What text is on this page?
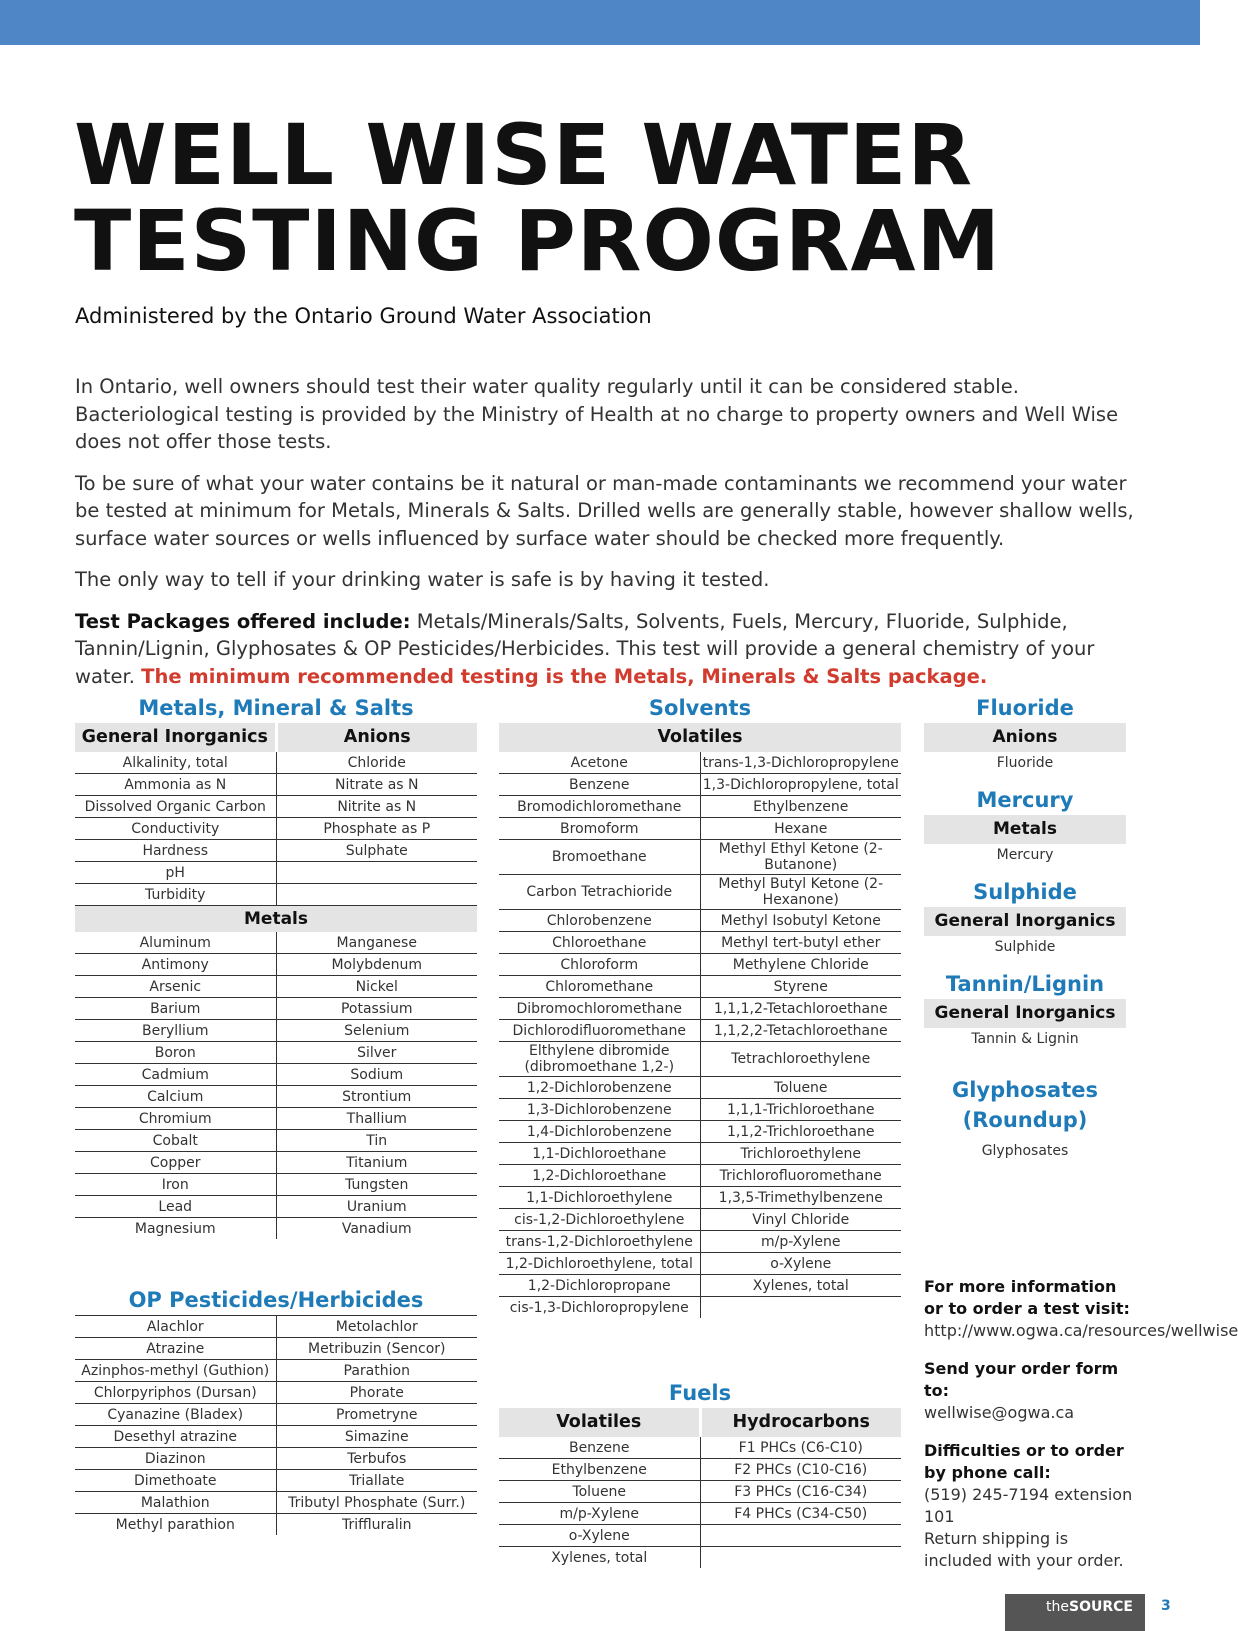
WELL WISE WATER
TESTING PROGRAM
Administered by the Ontario Ground Water Association

In Ontario, well owners should test their water quality regularly until it can be considered stable. Bacteriological testing is provided by the Ministry of Health at no charge to property owners and Well Wise does not offer those tests.

To be sure of what your water contains be it natural or man-made contaminants we recommend your water be tested at minimum for Metals, Minerals & Salts. Drilled wells are generally stable, however shallow wells, surface water sources or wells influenced by surface water should be checked more frequently.

The only way to tell if your drinking water is safe is by having it tested.

Test Packages offered include: Metals/Minerals/Salts, Solvents, Fuels, Mercury, Fluoride, Sulphide, Tannin/Lignin, Glyphosates & OP Pesticides/Herbicides. This test will provide a general chemistry of your water. The minimum recommended testing is the Metals, Minerals & Salts package.

Metals, Mineral & Salts
General Inorganics	Anions
Alkalinity, total	Chloride
Ammonia as N	Nitrate as N
Dissolved Organic Carbon	Nitrite as N
Conductivity	Phosphate as P
Hardness	Sulphate
pH	
Turbidity	
Metals
Aluminum	Manganese
Antimony	Molybdenum
Arsenic	Nickel
Barium	Potassium
Beryllium	Selenium
Boron	Silver
Cadmium	Sodium
Calcium	Strontium
Chromium	Thallium
Cobalt	Tin
Copper	Titanium
Iron	Tungsten
Lead	Uranium
Magnesium	Vanadium
OP Pesticides/Herbicides
Alachlor	Metolachlor
Atrazine	Metribuzin (Sencor)
Azinphos-methyl (Guthion)	Parathion
Chlorpyriphos (Dursan)	Phorate
Cyanazine (Bladex)	Prometryne
Desethyl atrazine	Simazine
Diazinon	Terbufos
Dimethoate	Triallate
Malathion	Tributyl Phosphate (Surr.)
Methyl parathion	Triffluralin
Solvents
Volatiles
Acetone	trans-1,3-Dichloropropylene
Benzene	1,3-Dichloropropylene, total
Bromodichloromethane	Ethylbenzene
Bromoform	Hexane
Bromoethane	Methyl Ethyl Ketone (2-Butanone)
Carbon Tetrachioride	Methyl Butyl Ketone (2-Hexanone)
Chlorobenzene	Methyl Isobutyl Ketone
Chloroethane	Methyl tert-butyl ether
Chloroform	Methylene Chloride
Chloromethane	Styrene
Dibromochloromethane	1,1,1,2-Tetachloroethane
Dichlorodifluoromethane	1,1,2,2-Tetachloroethane
Elthylene dibromide (dibromoethane 1,2-)	Tetrachloroethylene
1,2-Dichlorobenzene	Toluene
1,3-Dichlorobenzene	1,1,1-Trichloroethane
1,4-Dichlorobenzene	1,1,2-Trichloroethane
1,1-Dichloroethane	Trichloroethylene
1,2-Dichloroethane	Trichlorofluoromethane
1,1-Dichloroethylene	1,3,5-Trimethylbenzene
cis-1,2-Dichloroethylene	Vinyl Chloride
trans-1,2-Dichloroethylene	m/p-Xylene
1,2-Dichloroethylene, total	o-Xylene
1,2-Dichloropropane	Xylenes, total
cis-1,3-Dichloropropylene	
Fuels
Volatiles	Hydrocarbons
Benzene	F1 PHCs (C6-C10)
Ethylbenzene	F2 PHCs (C10-C16)
Toluene	F3 PHCs (C16-C34)
m/p-Xylene	F4 PHCs (C34-C50)
o-Xylene	
Xylenes, total	
Fluoride
Anions
Fluoride
Mercury
Metals
Mercury
Sulphide
General Inorganics
Sulphide
Tannin/Lignin
General Inorganics
Tannin & Lignin
Glyphosates
(Roundup)
Glyphosates

For more information or to order a test visit:
http://www.ogwa.ca/resources/wellwise

Send your order form to:
wellwise@ogwa.ca

Difficulties or to order by phone call:
(519) 245-7194 extension 101
Return shipping is included with your order.

theSOURCE	3
